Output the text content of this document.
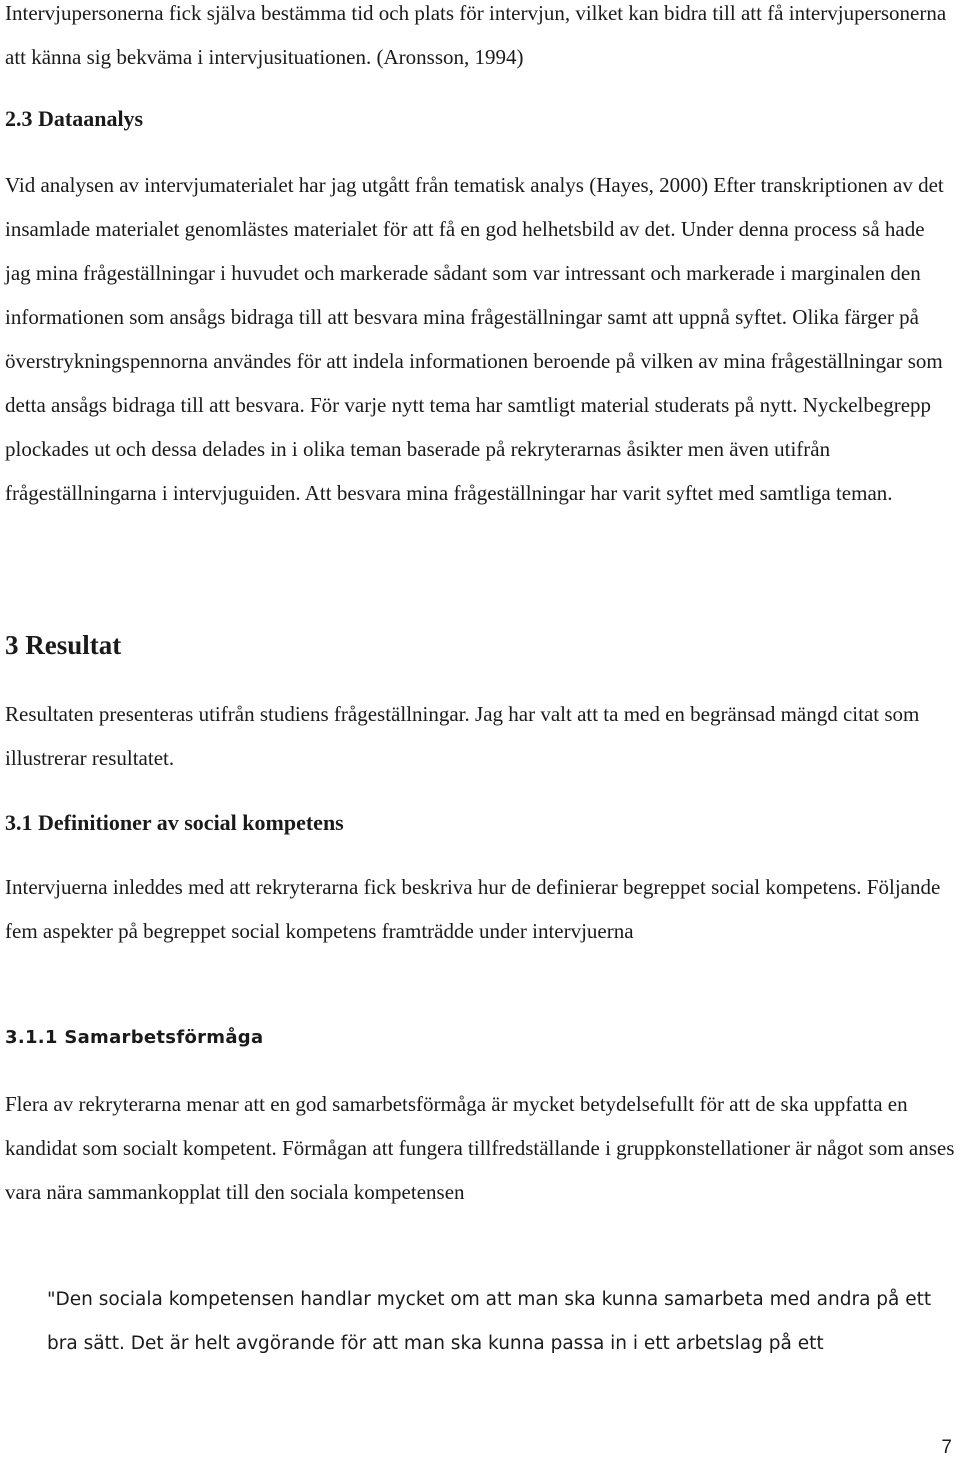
Intervjupersonerna fick själva bestämma tid och plats för intervjun, vilket kan bidra till att få intervjupersonerna att känna sig bekväma i intervjusituationen. (Aronsson, 1994)

2.3 Dataanalys

Vid analysen av intervjumaterialet har jag utgått från tematisk analys (Hayes, 2000) Efter transkriptionen av det insamlade materialet genomlästes materialet för att få en god helhetsbild av det. Under denna process så hade jag mina frågeställningar i huvudet och markerade sådant som var intressant och markerade i marginalen den informationen som ansågs bidraga till att besvara mina frågeställningar samt att uppnå syftet. Olika färger på överstrykningspennorna användes för att indela informationen beroende på vilken av mina frågeställningar som detta ansågs bidraga till att besvara. För varje nytt tema har samtligt material studerats på nytt. Nyckelbegrepp plockades ut och dessa delades in i olika teman baserade på rekryterarnas åsikter men även utifrån frågeställningarna i intervjuguiden. Att besvara mina frågeställningar har varit syftet med samtliga teman.

3 Resultat

Resultaten presenteras utifrån studiens frågeställningar. Jag har valt att ta med en begränsad mängd citat som illustrerar resultatet.

3.1 Definitioner av social kompetens

Intervjuerna inleddes med att rekryterarna fick beskriva hur de definierar begreppet social kompetens. Följande fem aspekter på begreppet social kompetens framträdde under intervjuerna

3.1.1 Samarbetsförmåga

Flera av rekryterarna menar att en god samarbetsförmåga är mycket betydelsefullt för att de ska uppfatta en kandidat som socialt kompetent. Förmågan att fungera tillfredställande i gruppkonstellationer är något som anses vara nära sammankopplat till den sociala kompetensen

"Den sociala kompetensen handlar mycket om att man ska kunna samarbeta med andra på ett bra sätt. Det är helt avgörande för att man ska kunna passa in i ett arbetslag på ett

7
